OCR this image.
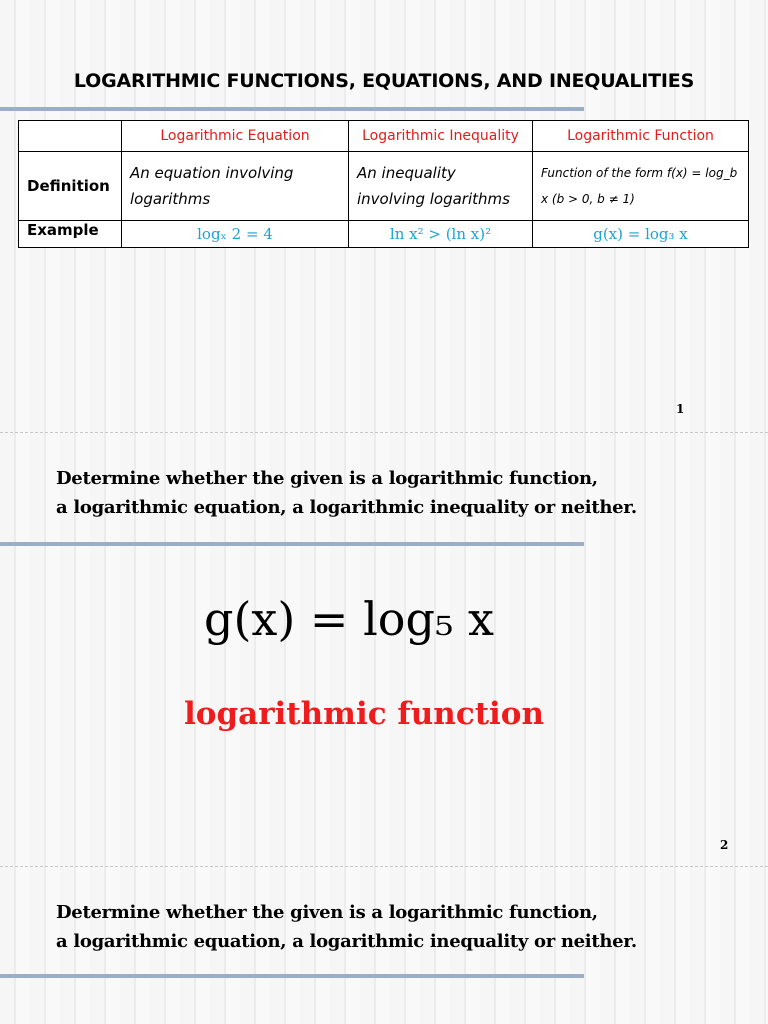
LOGARITHMIC FUNCTIONS, EQUATIONS, AND INEQUALITIES
	Logarithmic Equation	Logarithmic Inequality	Logarithmic Function
Definition	An equation involving logarithms	An inequality involving logarithms	Function of the form f(x) = log_b x (b > 0, b ≠ 1)
Example	logₓ 2 = 4	ln x² > (ln x)²	g(x) = log₃ x
1
Determine whether the given is a logarithmic function,
a logarithmic equation, a logarithmic inequality or neither.
g(x) = log₅ x
logarithmic function
2
Determine whether the given is a logarithmic function,
a logarithmic equation, a logarithmic inequality or neither.
